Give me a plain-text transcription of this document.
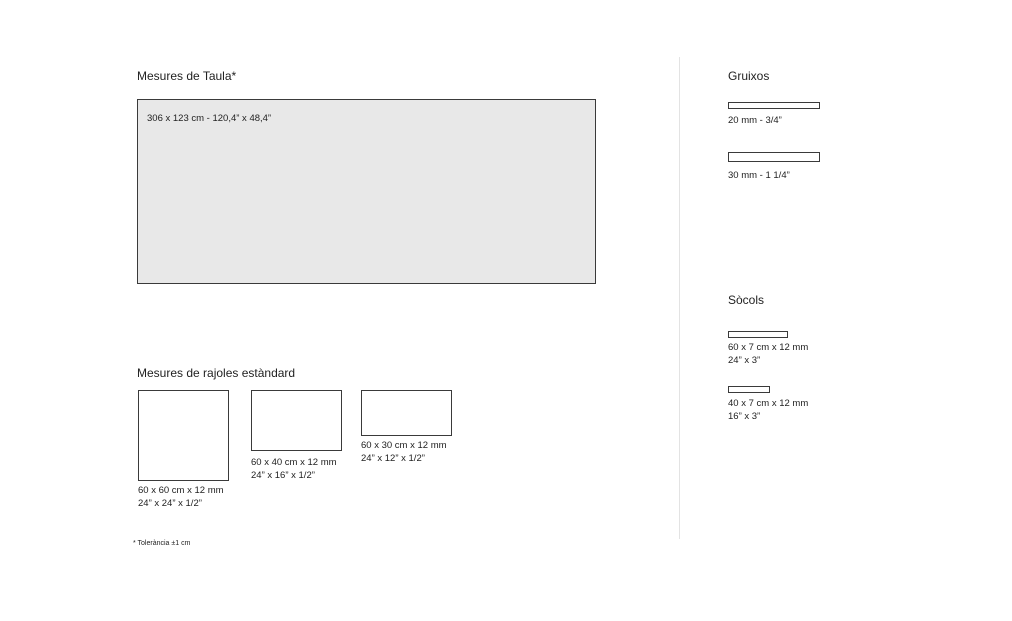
Mesures de Taula*
306 x 123 cm - 120,4” x 48,4”
Mesures de rajoles estàndard
60 x 60 cm x 12 mm
24” x 24” x 1/2”
60 x 40 cm x 12 mm
24” x 16” x 1/2”
60 x 30 cm x 12 mm
24” x 12” x 1/2”
* Tolerància ±1 cm
Gruixos
20 mm - 3/4”
30 mm - 1 1/4”
Sòcols
60 x 7 cm x 12 mm
24” x 3”
40 x 7 cm x 12 mm
16” x 3”
